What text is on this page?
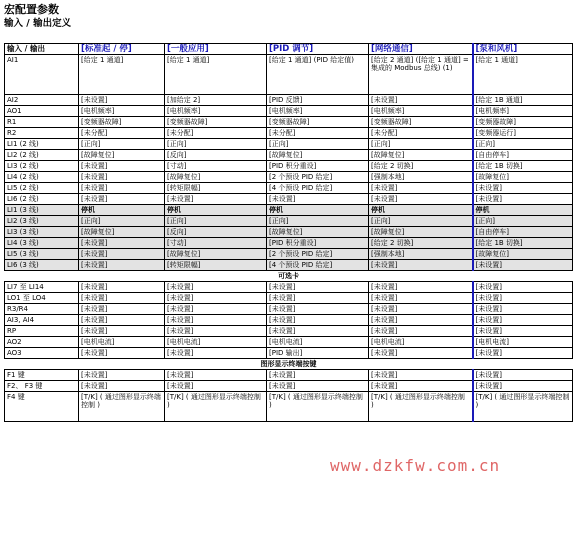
宏配置参数
输入 / 输出定义
输入 / 输出	[标准起 / 停]	[一般应用]	[PID 调节]	[网络通信]	[泵和风机]
AI1	[给定 1 通道]	[给定 1 通道]	[给定 1 通道] (PID 给定值)	[给定 2 通道] ([给定 1 通道] = 集成的 Modbus 总线) (1)	[给定 1 通道]
AI2	[未设置]	[加给定 2]	[PID 反馈]	[未设置]	[给定 1B 通道]
AO1	[电机频率]	[电机频率]	[电机频率]	[电机频率]	[电机频率]
R1	[变频器故障]	[变频器故障]	[变频器故障]	[变频器故障]	[变频器故障]
R2	[未分配]	[未分配]	[未分配]	[未分配]	[变频器运行]
LI1 (2 线)	[正向]	[正向]	[正向]	[正向]	[正向]
LI2 (2 线)	[故障复位]	[反向]	[故障复位]	[故障复位]	[自由停车]
LI3 (2 线)	[未设置]	[寸动]	[PID 积分重设]	[给定 2 切换]	[给定 1B 切换]
LI4 (2 线)	[未设置]	[故障复位]	[2 个预设 PID 给定]	[强制本地]	[故障复位]
LI5 (2 线)	[未设置]	[转矩限幅]	[4 个预设 PID 给定]	[未设置]	[未设置]
LI6 (2 线)	[未设置]	[未设置]	[未设置]	[未设置]	[未设置]
LI1 (3 线)	停机	停机	停机	停机	停机
LI2 (3 线)	[正向]	[正向]	[正向]	[正向]	[正向]
LI3 (3 线)	[故障复位]	[反向]	[故障复位]	[故障复位]	[自由停车]
LI4 (3 线)	[未设置]	[寸动]	[PID 积分重设]	[给定 2 切换]	[给定 1B 切换]
LI5 (3 线)	[未设置]	[故障复位]	[2 个预设 PID 给定]	[强制本地]	[故障复位]
LI6 (3 线)	[未设置]	[转矩限幅]	[4 个预设 PID 给定]	[未设置]	[未设置]
可选卡					
LI7 至 LI14	[未设置]	[未设置]	[未设置]	[未设置]	[未设置]
LO1 至 LO4	[未设置]	[未设置]	[未设置]	[未设置]	[未设置]
R3/R4	[未设置]	[未设置]	[未设置]	[未设置]	[未设置]
AI3, AI4	[未设置]	[未设置]	[未设置]	[未设置]	[未设置]
RP	[未设置]	[未设置]	[未设置]	[未设置]	[未设置]
AO2	[电机电流]	[电机电流]	[电机电流]	[电机电流]	[电机电流]
AO3	[未设置]	[未设置]	[PID 输出]	[未设置]	[未设置]
图形显示终端按键					
F1 键	[未设置]	[未设置]	[未设置]	[未设置]	[未设置]
F2、 F3 键	[未设置]	[未设置]	[未设置]	[未设置]	[未设置]
F4 键	[T/K] ( 通过图形显示终端控制 )	[T/K] ( 通过图形显示终端控制 )	[T/K] ( 通过图形显示终端控制 )	[T/K] ( 通过图形显示终端控制 )	[T/K] ( 通过图形显示终端控制 )
www.dzkfw.com.cn
